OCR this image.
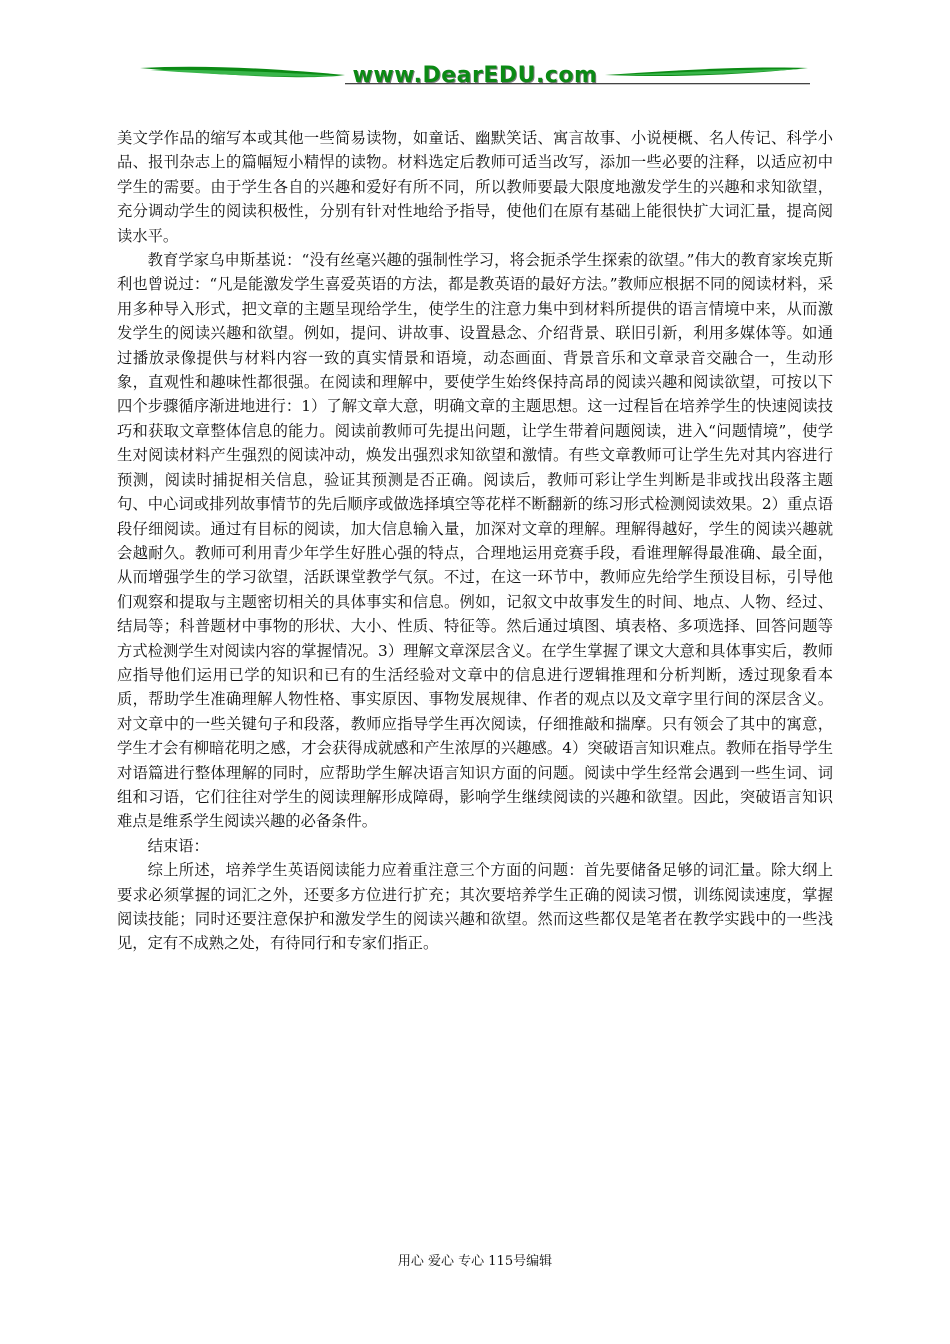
www.DearEDU.com

美文学作品的缩写本或其他一些简易读物，如童话、幽默笑话、寓言故事、小说梗概、名人传记、科学小品、报刊杂志上的篇幅短小精悍的读物。材料选定后教师可适当改写，添加一些必要的注释，以适应初中学生的需要。由于学生各自的兴趣和爱好有所不同，所以教师要最大限度地激发学生的兴趣和求知欲望，充分调动学生的阅读积极性，分别有针对性地给予指导，使他们在原有基础上能很快扩大词汇量，提高阅读水平。

教育学家乌申斯基说：“没有丝毫兴趣的强制性学习，将会扼杀学生探索的欲望。”伟大的教育家埃克斯利也曾说过：“凡是能激发学生喜爱英语的方法，都是教英语的最好方法。”教师应根据不同的阅读材料，采用多种导入形式，把文章的主题呈现给学生，使学生的注意力集中到材料所提供的语言情境中来，从而激发学生的阅读兴趣和欲望。例如，提问、讲故事、设置悬念、介绍背景、联旧引新，利用多媒体等。如通过播放录像提供与材料内容一致的真实情景和语境，动态画面、背景音乐和文章录音交融合一，生动形象，直观性和趣味性都很强。在阅读和理解中，要使学生始终保持高昂的阅读兴趣和阅读欲望，可按以下四个步骤循序渐进地进行：1）了解文章大意，明确文章的主题思想。这一过程旨在培养学生的快速阅读技巧和获取文章整体信息的能力。阅读前教师可先提出问题，让学生带着问题阅读，进入“问题情境”，使学生对阅读材料产生强烈的阅读冲动，焕发出强烈求知欲望和激情。有些文章教师可让学生先对其内容进行预测，阅读时捕捉相关信息，验证其预测是否正确。阅读后，教师可彩让学生判断是非或找出段落主题句、中心词或排列故事情节的先后顺序或做选择填空等花样不断翻新的练习形式检测阅读效果。2）重点语段仔细阅读。通过有目标的阅读，加大信息输入量，加深对文章的理解。理解得越好，学生的阅读兴趣就会越耐久。教师可利用青少年学生好胜心强的特点，合理地运用竞赛手段，看谁理解得最准确、最全面，从而增强学生的学习欲望，活跃课堂教学气氛。不过，在这一环节中，教师应先给学生预设目标，引导他们观察和提取与主题密切相关的具体事实和信息。例如，记叙文中故事发生的时间、地点、人物、经过、结局等；科普题材中事物的形状、大小、性质、特征等。然后通过填图、填表格、多项选择、回答问题等方式检测学生对阅读内容的掌握情况。3）理解文章深层含义。在学生掌握了课文大意和具体事实后，教师应指导他们运用已学的知识和已有的生活经验对文章中的信息进行逻辑推理和分析判断，透过现象看本质，帮助学生准确理解人物性格、事实原因、事物发展规律、作者的观点以及文章字里行间的深层含义。对文章中的一些关键句子和段落，教师应指导学生再次阅读，仔细推敲和揣摩。只有领会了其中的寓意，学生才会有柳暗花明之感，才会获得成就感和产生浓厚的兴趣感。4）突破语言知识难点。教师在指导学生对语篇进行整体理解的同时，应帮助学生解决语言知识方面的问题。阅读中学生经常会遇到一些生词、词组和习语，它们往往对学生的阅读理解形成障碍，影响学生继续阅读的兴趣和欲望。因此，突破语言知识难点是维系学生阅读兴趣的必备条件。

结束语：

综上所述，培养学生英语阅读能力应着重注意三个方面的问题：首先要储备足够的词汇量。除大纲上要求必须掌握的词汇之外，还要多方位进行扩充；其次要培养学生正确的阅读习惯，训练阅读速度，掌握阅读技能；同时还要注意保护和激发学生的阅读兴趣和欲望。然而这些都仅是笔者在教学实践中的一些浅见，定有不成熟之处，有待同行和专家们指正。

用心 爱心 专心 115号编辑
